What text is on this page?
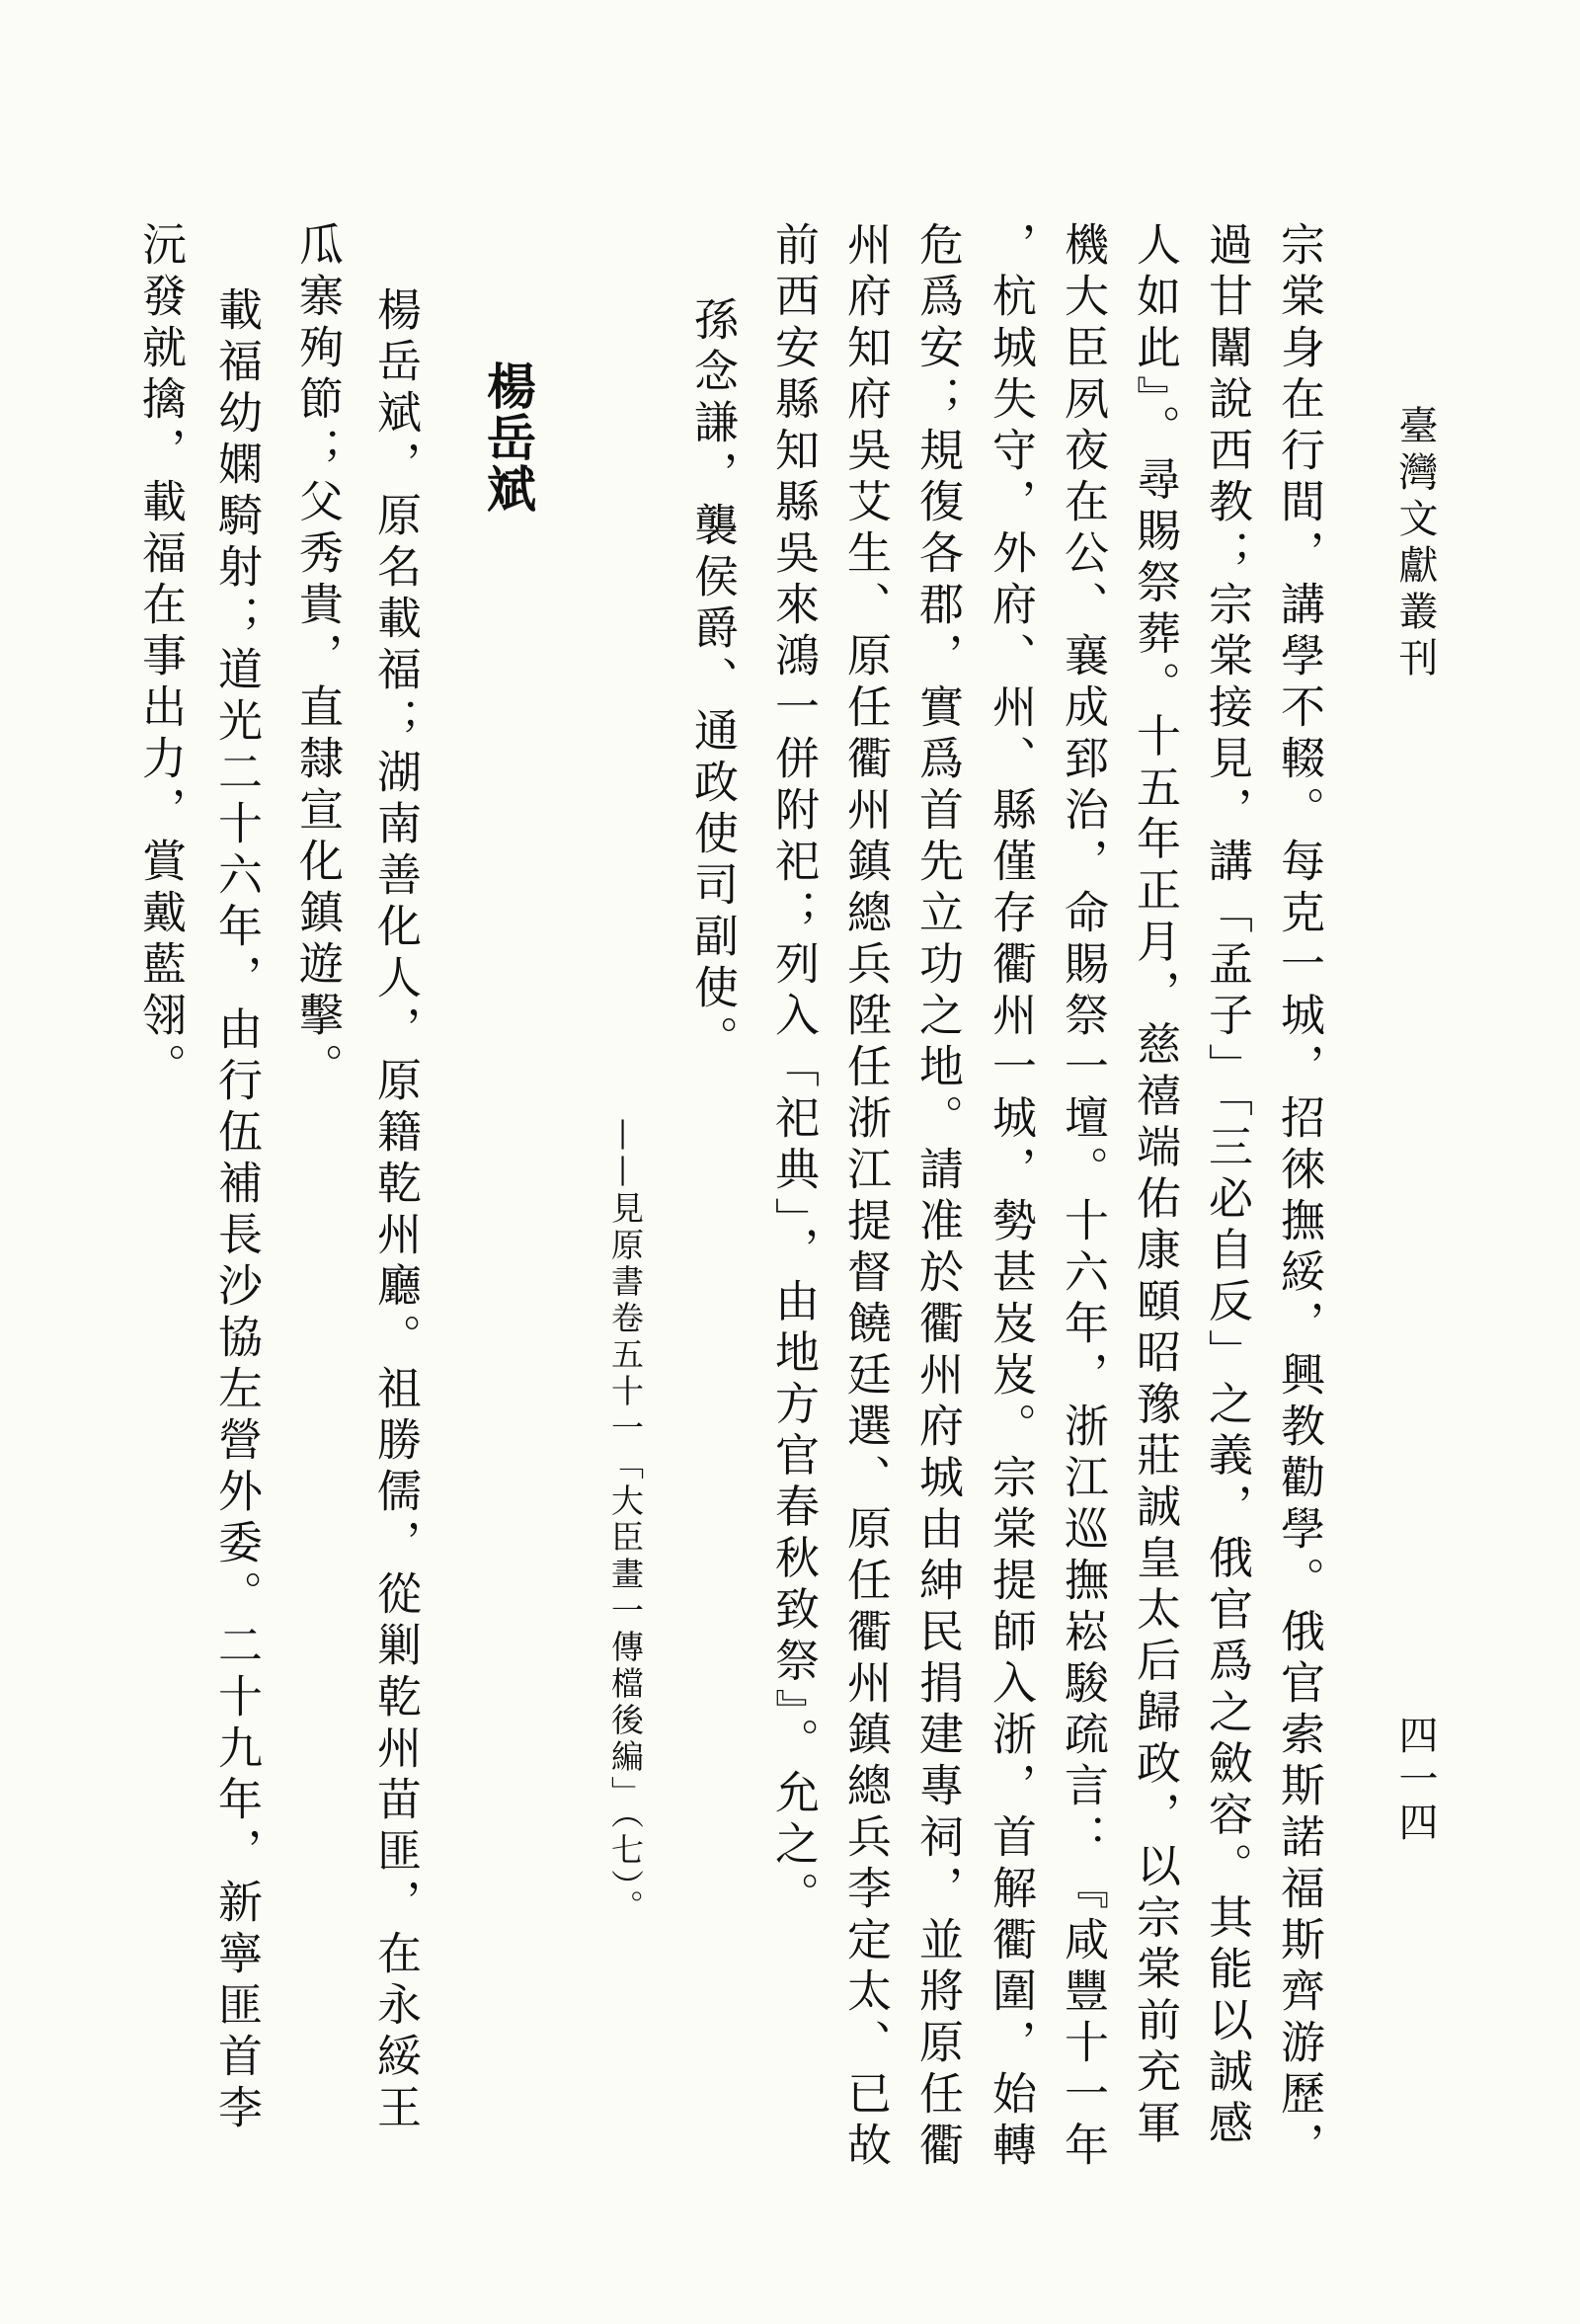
臺灣文獻叢刊
四一四
宗棠身在行間，講學不輟。每克一城，招徠撫綏，興教勸學。俄官索斯諾福斯齊游歷，
過甘闈說西教；宗棠接見，講「孟子」「三必自反」之義，俄官爲之斂容。其能以誠感
人如此』。尋賜祭葬。十五年正月，慈禧端佑康頤昭豫莊誠皇太后歸政，以宗棠前充軍
機大臣夙夜在公、襄成郅治，命賜祭一壇。十六年，浙江巡撫崧駿疏言：『咸豐十一年
，杭城失守，外府、州、縣僅存衢州一城，勢甚岌岌。宗棠提師入浙，首解衢圍，始轉
危爲安；規復各郡，實爲首先立功之地。請准於衢州府城由紳民捐建專祠，並將原任衢
州府知府吳艾生、原任衢州鎮總兵陞任浙江提督饒廷選、原任衢州鎮總兵李定太、已故
前西安縣知縣吳來鴻一併附祀；列入「祀典」，由地方官春秋致祭』。允之。
孫念謙，襲侯爵、通政使司副使。
——見原書卷五十一「大臣畫一傳檔後編」（七）。
楊岳斌
楊岳斌，原名載福；湖南善化人，原籍乾州廳。祖勝儒，從剿乾州苗匪，在永綏王
瓜寨殉節；父秀貴，直隸宣化鎮遊擊。
載福幼嫻騎射；道光二十六年，由行伍補長沙協左營外委。二十九年，新寧匪首李
沅發就擒，載福在事出力，賞戴藍翎。
